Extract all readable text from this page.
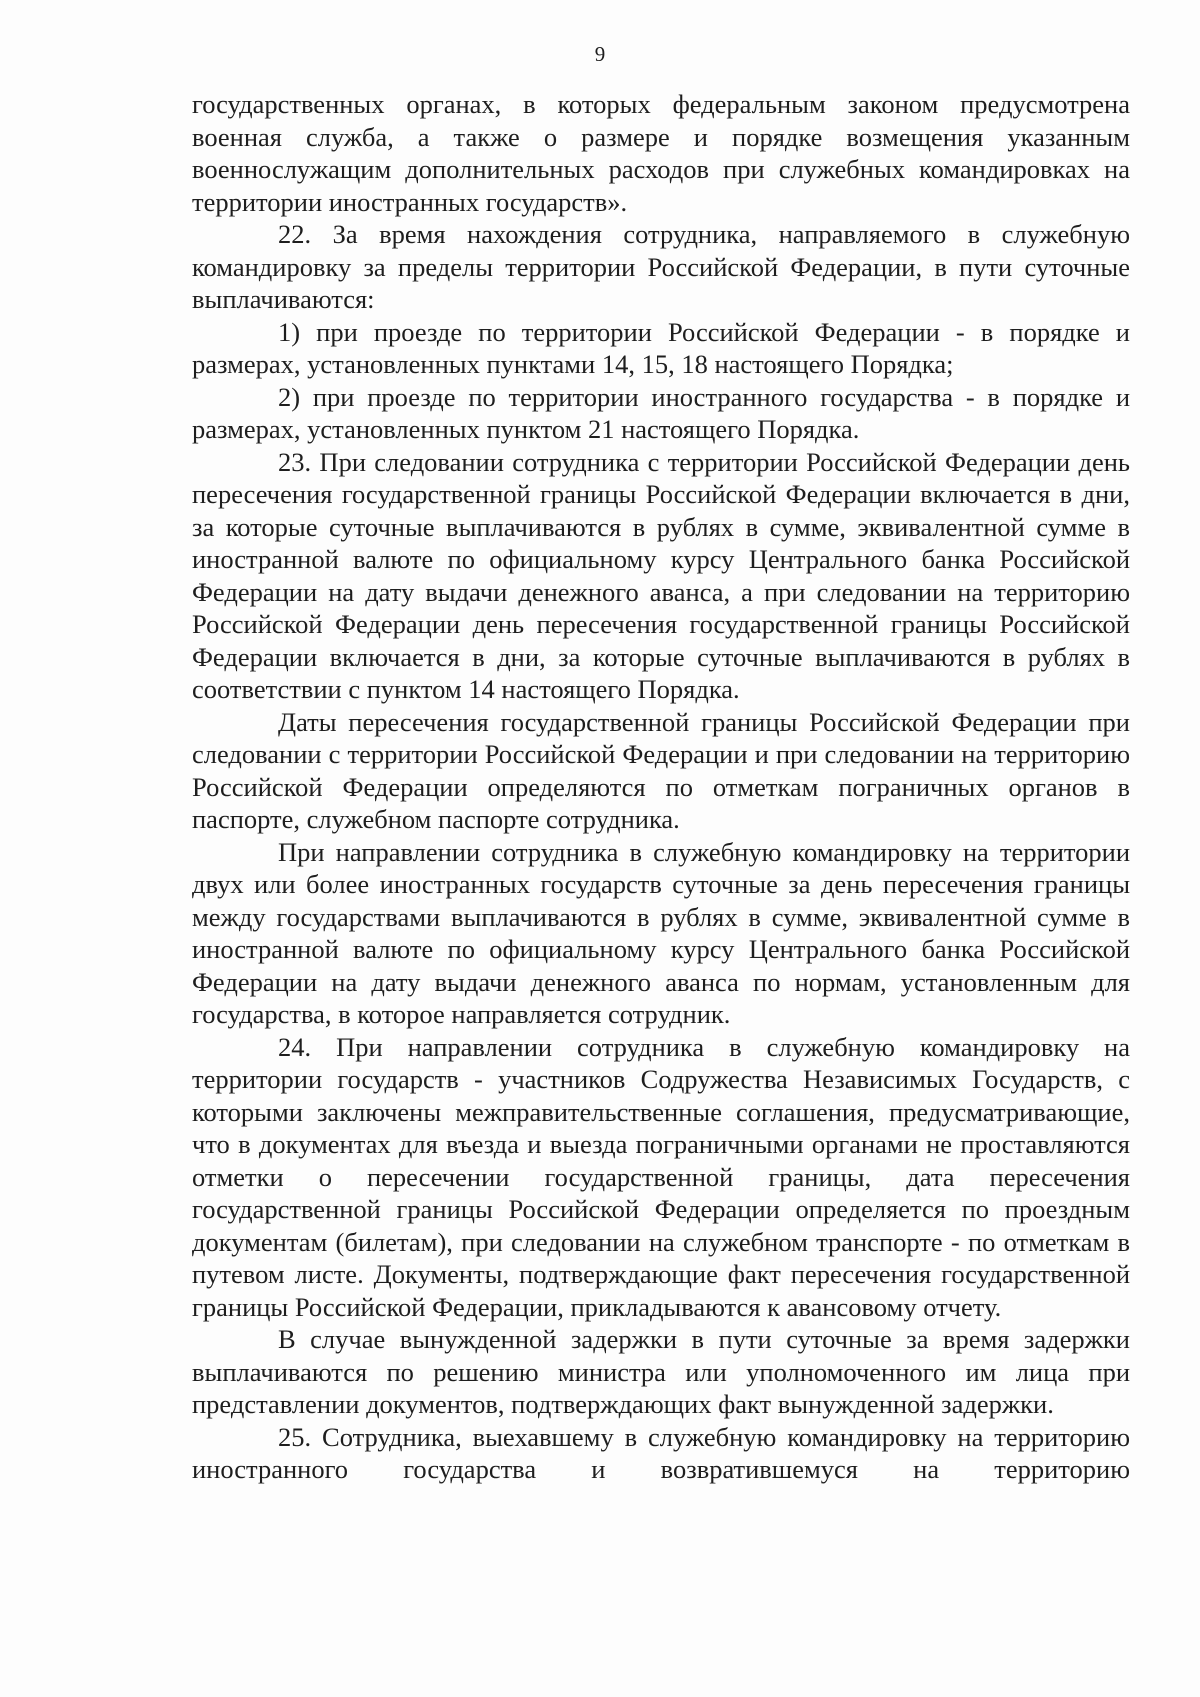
9

государственных органах, в которых федеральным законом предусмотрена военная служба, а также о размере и порядке возмещения указанным военнослужащим дополнительных расходов при служебных командировках на территории иностранных государств».

22. За время нахождения сотрудника, направляемого в служебную командировку за пределы территории Российской Федерации, в пути суточные выплачиваются:

1) при проезде по территории Российской Федерации - в порядке и размерах, установленных пунктами 14, 15, 18 настоящего Порядка;

2) при проезде по территории иностранного государства - в порядке и размерах, установленных пунктом 21 настоящего Порядка.

23. При следовании сотрудника с территории Российской Федерации день пересечения государственной границы Российской Федерации включается в дни, за которые суточные выплачиваются в рублях в сумме, эквивалентной сумме в иностранной валюте по официальному курсу Центрального банка Российской Федерации на дату выдачи денежного аванса, а при следовании на территорию Российской Федерации день пересечения государственной границы Российской Федерации включается в дни, за которые суточные выплачиваются в рублях в соответствии с пунктом 14 настоящего Порядка.

Даты пересечения государственной границы Российской Федерации при следовании с территории Российской Федерации и при следовании на территорию Российской Федерации определяются по отметкам пограничных органов в паспорте, служебном паспорте сотрудника.

При направлении сотрудника в служебную командировку на территории двух или более иностранных государств суточные за день пересечения границы между государствами выплачиваются в рублях в сумме, эквивалентной сумме в иностранной валюте по официальному курсу Центрального банка Российской Федерации на дату выдачи денежного аванса по нормам, установленным для государства, в которое направляется сотрудник.

24. При направлении сотрудника в служебную командировку на территории государств - участников Содружества Независимых Государств, с которыми заключены межправительственные соглашения, предусматривающие, что в документах для въезда и выезда пограничными органами не проставляются отметки о пересечении государственной границы, дата пересечения государственной границы Российской Федерации определяется по проездным документам (билетам), при следовании на служебном транспорте - по отметкам в путевом листе. Документы, подтверждающие факт пересечения государственной границы Российской Федерации, прикладываются к авансовому отчету.

В случае вынужденной задержки в пути суточные за время задержки выплачиваются по решению министра или уполномоченного им лица при представлении документов, подтверждающих факт вынужденной задержки.

25. Сотрудника, выехавшему в служебную командировку на территорию иностранного государства и возвратившемуся на территорию
